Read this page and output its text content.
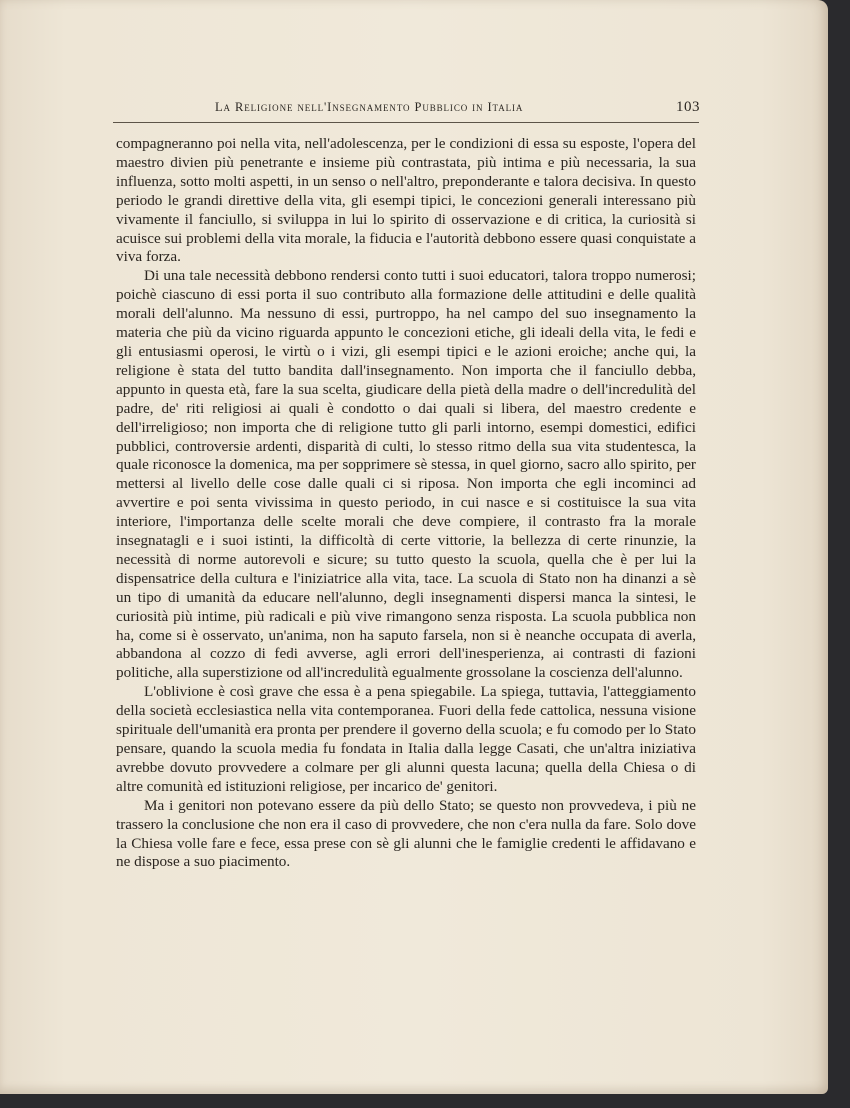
La Religione nell'Insegnamento Pubblico in Italia	103

compagneranno poi nella vita, nell'adolescenza, per le condizioni di essa su esposte, l'opera del maestro divien più penetrante e insieme più contrastata, più intima e più necessaria, la sua influenza, sotto molti aspetti, in un senso o nell'altro, preponderante e talora decisiva. In questo periodo le grandi direttive della vita, gli esempi tipici, le concezioni generali interessano più vivamente il fanciullo, si sviluppa in lui lo spirito di osservazione e di critica, la curiosità si acuisce sui problemi della vita morale, la fiducia e l'autorità debbono essere quasi conquistate a viva forza.

Di una tale necessità debbono rendersi conto tutti i suoi educatori, talora troppo numerosi; poichè ciascuno di essi porta il suo contributo alla formazione delle attitudini e delle qualità morali dell'alunno. Ma nessuno di essi, purtroppo, ha nel campo del suo insegnamento la materia che più da vicino riguarda appunto le concezioni etiche, gli ideali della vita, le fedi e gli entusiasmi operosi, le virtù o i vizi, gli esempi tipici e le azioni eroiche; anche qui, la religione è stata del tutto bandita dall'insegnamento. Non importa che il fanciullo debba, appunto in questa età, fare la sua scelta, giudicare della pietà della madre o dell'incredulità del padre, de' riti religiosi ai quali è condotto o dai quali si libera, del maestro credente e dell'irreligioso; non importa che di religione tutto gli parli intorno, esempi domestici, edifici pubblici, controversie ardenti, disparità di culti, lo stesso ritmo della sua vita studentesca, la quale riconosce la domenica, ma per sopprimere sè stessa, in quel giorno, sacro allo spirito, per mettersi al livello delle cose dalle quali ci si riposa. Non importa che egli incominci ad avvertire e poi senta vivissima in questo periodo, in cui nasce e si costituisce la sua vita interiore, l'importanza delle scelte morali che deve compiere, il contrasto fra la morale insegnatagli e i suoi istinti, la difficoltà di certe vittorie, la bellezza di certe rinunzie, la necessità di norme autorevoli e sicure; su tutto questo la scuola, quella che è per lui la dispensatrice della cultura e l'iniziatrice alla vita, tace. La scuola di Stato non ha dinanzi a sè un tipo di umanità da educare nell'alunno, degli insegnamenti dispersi manca la sintesi, le curiosità più intime, più radicali e più vive rimangono senza risposta. La scuola pubblica non ha, come si è osservato, un'anima, non ha saputo farsela, non si è neanche occupata di averla, abbandona al cozzo di fedi avverse, agli errori dell'inesperienza, ai contrasti di fazioni politiche, alla superstizione od all'incredulità egualmente grossolane la coscienza dell'alunno.

L'oblivione è così grave che essa è a pena spiegabile. La spiega, tuttavia, l'atteggiamento della società ecclesiastica nella vita contemporanea. Fuori della fede cattolica, nessuna visione spirituale dell'umanità era pronta per prendere il governo della scuola; e fu comodo per lo Stato pensare, quando la scuola media fu fondata in Italia dalla legge Casati, che un'altra iniziativa avrebbe dovuto provvedere a colmare per gli alunni questa lacuna; quella della Chiesa o di altre comunità ed istituzioni religiose, per incarico de' genitori.

Ma i genitori non potevano essere da più dello Stato; se questo non provvedeva, i più ne trassero la conclusione che non era il caso di provvedere, che non c'era nulla da fare. Solo dove la Chiesa volle fare e fece, essa prese con sè gli alunni che le famiglie credenti le affidavano e ne dispose a suo piacimento.
